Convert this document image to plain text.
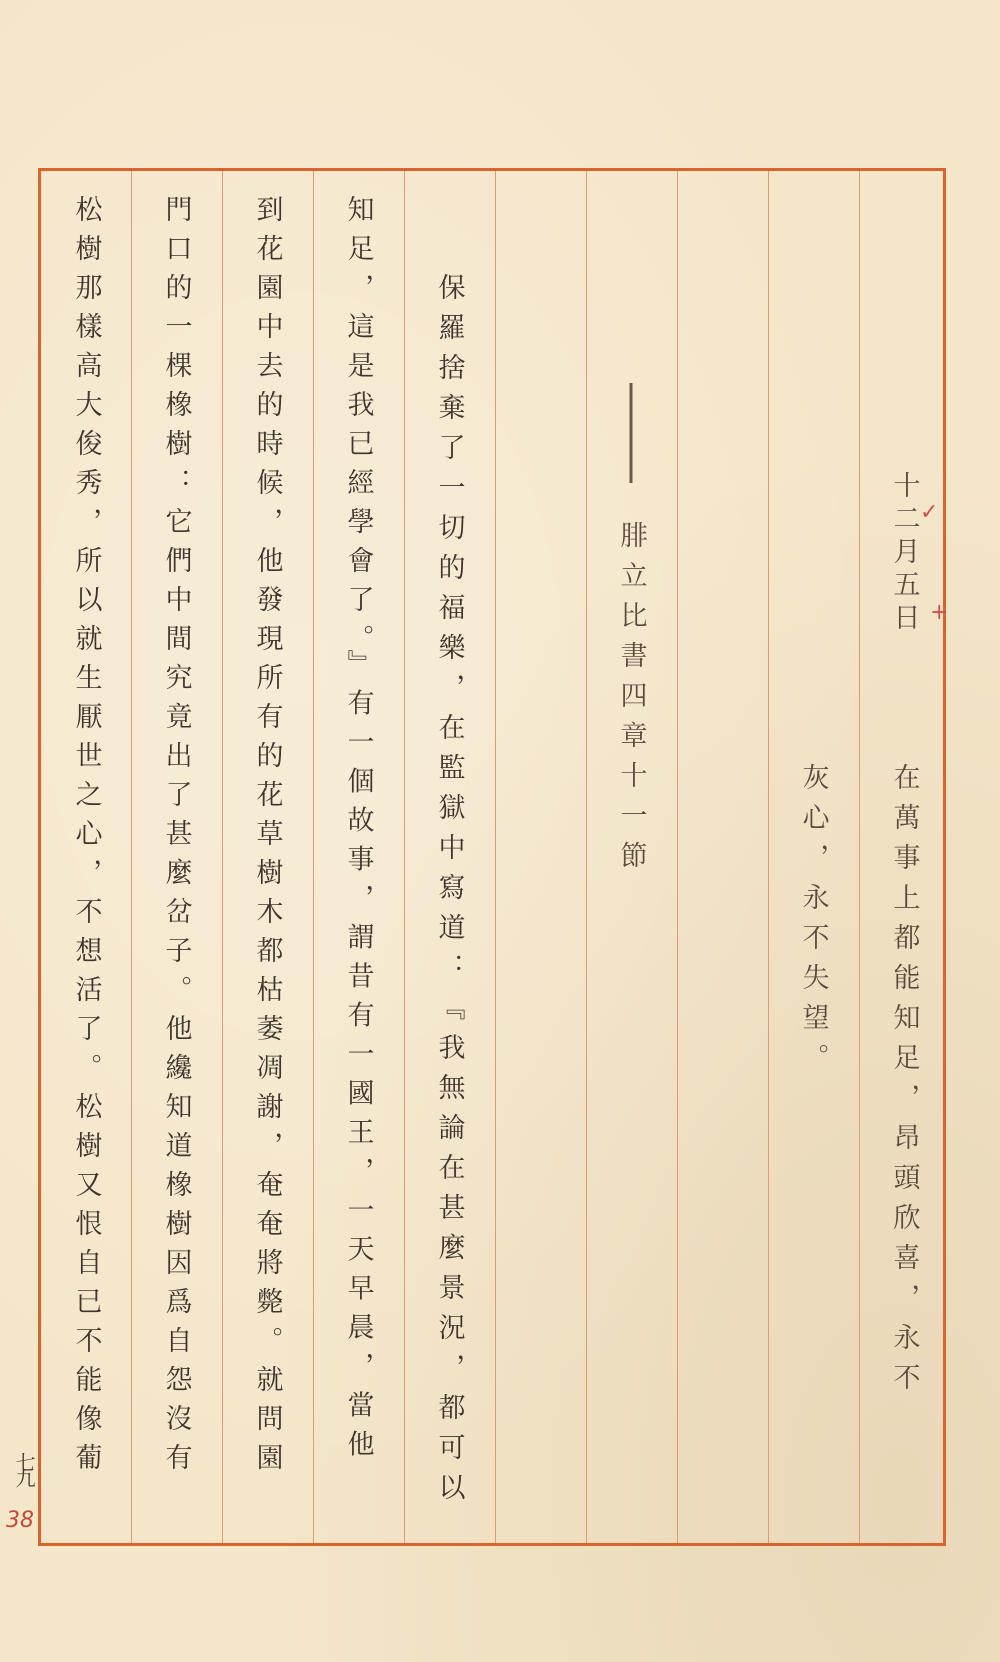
十二月五日
在萬事上都能知足，昂頭欣喜，永不
灰心，永不失望。
腓立比書四章十一節
保羅捨棄了一切的福樂，在監獄中寫道：『我無論在甚麼景況，都可以
知足，這是我已經學會了。』有一個故事，謂昔有一國王，一天早晨，當他
到花園中去的時候，他發現所有的花草樹木都枯萎凋謝，奄奄將斃。就問園
門口的一棵橡樹：它們中間究竟出了甚麼岔子。他纔知道橡樹因爲自怨沒有
松樹那樣高大俊秀，所以就生厭世之心，不想活了。松樹又恨自已不能像葡	✓
+
七九
38
